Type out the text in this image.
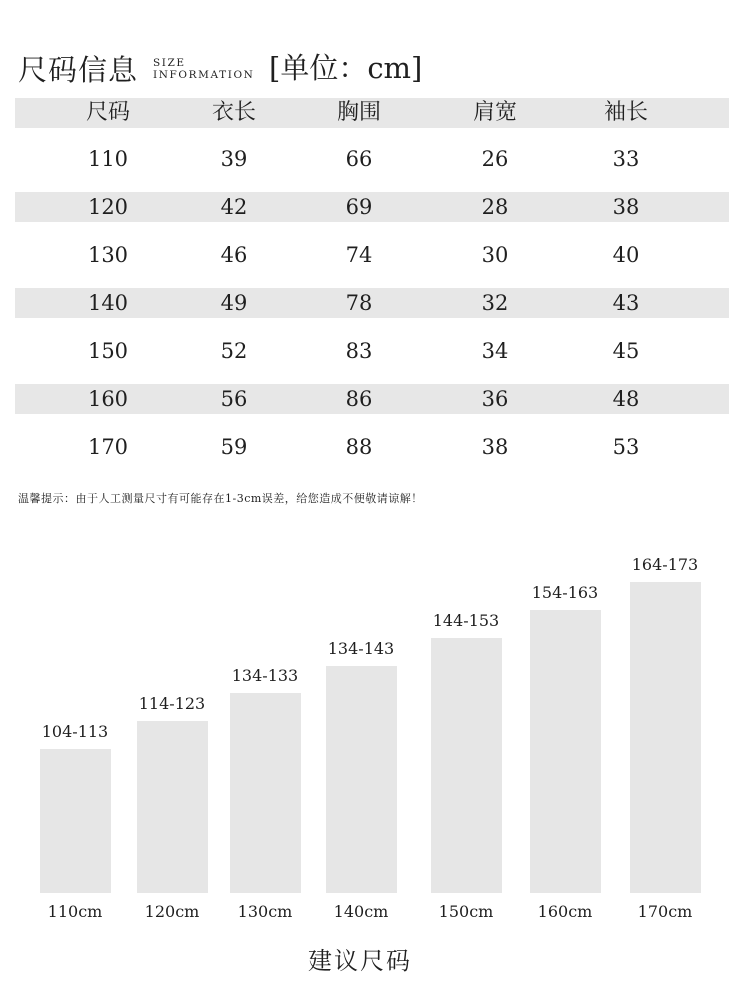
尺码信息 SIZE
INFORMATION [单位：cm]
尺码	衣长	胸围	肩宽	袖长
110	39	66	26	33
120	42	69	28	38
130	46	74	30	40
140	49	78	32	43
150	52	83	34	45
160	56	86	36	48
170	59	88	38	53
温馨提示：由于人工测量尺寸有可能存在1-3cm误差，给您造成不便敬请谅解！
104-113
110cm
114-123
120cm
134-133
130cm
134-143
140cm
144-153
150cm
154-163
160cm
164-173
170cm
建议尺码
